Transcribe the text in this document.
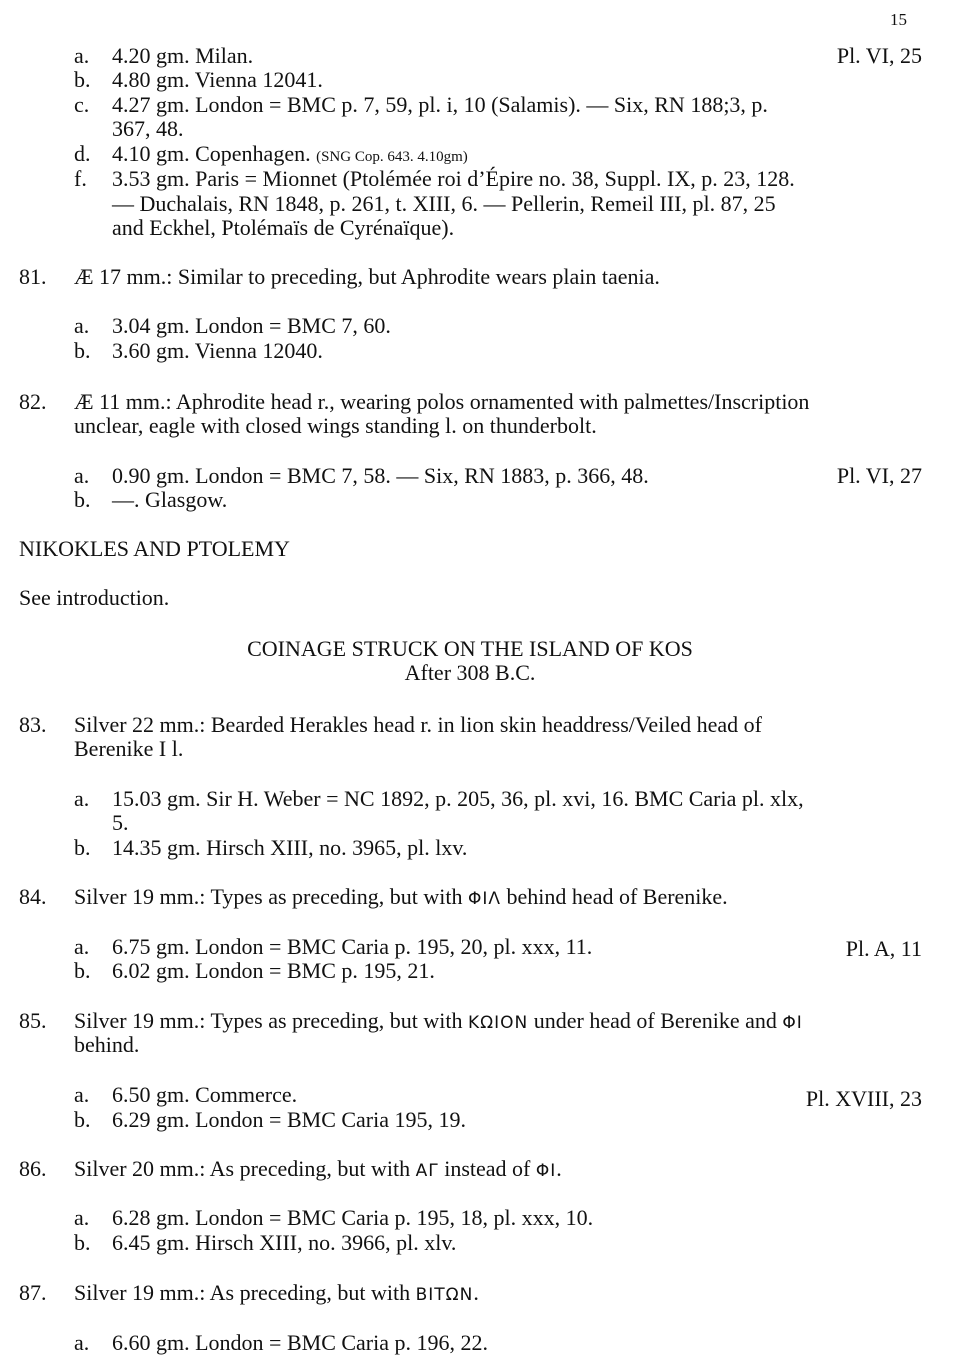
15
a.	4.20 gm. Milan.	Pl. VI, 25
b. 4.80 gm. Vienna 12041.
c.	4.27 gm. London = BMC p. 7, 59, pl. i, 10 (Salamis). — Six, RN 188;3, p.
367, 48.
d. 4.10 gm. Copenhagen. (SNG Cop. 643. 4.10gm)
f.	3.53 gm. Paris = Mionnet (Ptolémée roi d’Épire no. 38, Suppl. IX, p. 23, 128.
— Duchalais, RN 1848, p. 261, t. XIII, 6. — Pellerin, Remeil III, pl. 87, 25
and Eckhel, Ptolémaïs de Cyrénaïque).
81.	Æ 17 mm.: Similar to preceding, but Aphrodite wears plain taenia.
a.	3.04 gm. London = BMC 7, 60.
b. 3.60 gm. Vienna 12040.
82.	Æ 11 mm.: Aphrodite head r., wearing polos ornamented with palmettes/Inscription
unclear, eagle with closed wings standing l. on thunderbolt.
a.	0.90 gm. London = BMC 7, 58. — Six, RN 1883, p. 366, 48.	Pl. VI, 27
b. —. Glasgow.
NIKOKLES AND PTOLEMY
See introduction.
COINAGE STRUCK ON THE ISLAND OF KOS
After 308 B.C.
83.	Silver 22 mm.: Bearded Herakles head r. in lion skin headdress/Veiled head of
Berenike I l.
a.	15.03 gm. Sir H. Weber = NC 1892, p. 205, 36, pl. xvi, 16. BMC Caria pl. xlx,
5.
b. 14.35 gm. Hirsch XIII, no. 3965, pl. lxv.
84.	Silver 19 mm.: Types as preceding, but with ΦΙΛ behind head of Berenike.
a.	6.75 gm. London = BMC Caria p. 195, 20, pl. xxx, 11.	Pl. A, 11
b. 6.02 gm. London = BMC p. 195, 21.
85.	Silver 19 mm.: Types as preceding, but with ΚΩΙΟΝ under head of Berenike and ΦΙ
behind.
a.	6.50 gm. Commerce.	Pl. XVIII, 23
b. 6.29 gm. London = BMC Caria 195, 19.
86.	Silver 20 mm.: As preceding, but with ΑΓ instead of ΦΙ.
a.	6.28 gm. London = BMC Caria p. 195, 18, pl. xxx, 10.
b. 6.45 gm. Hirsch XIII, no. 3966, pl. xlv.
87.	Silver 19 mm.: As preceding, but with ΒΙΤΩΝ.
a.	6.60 gm. London = BMC Caria p. 196, 22.
